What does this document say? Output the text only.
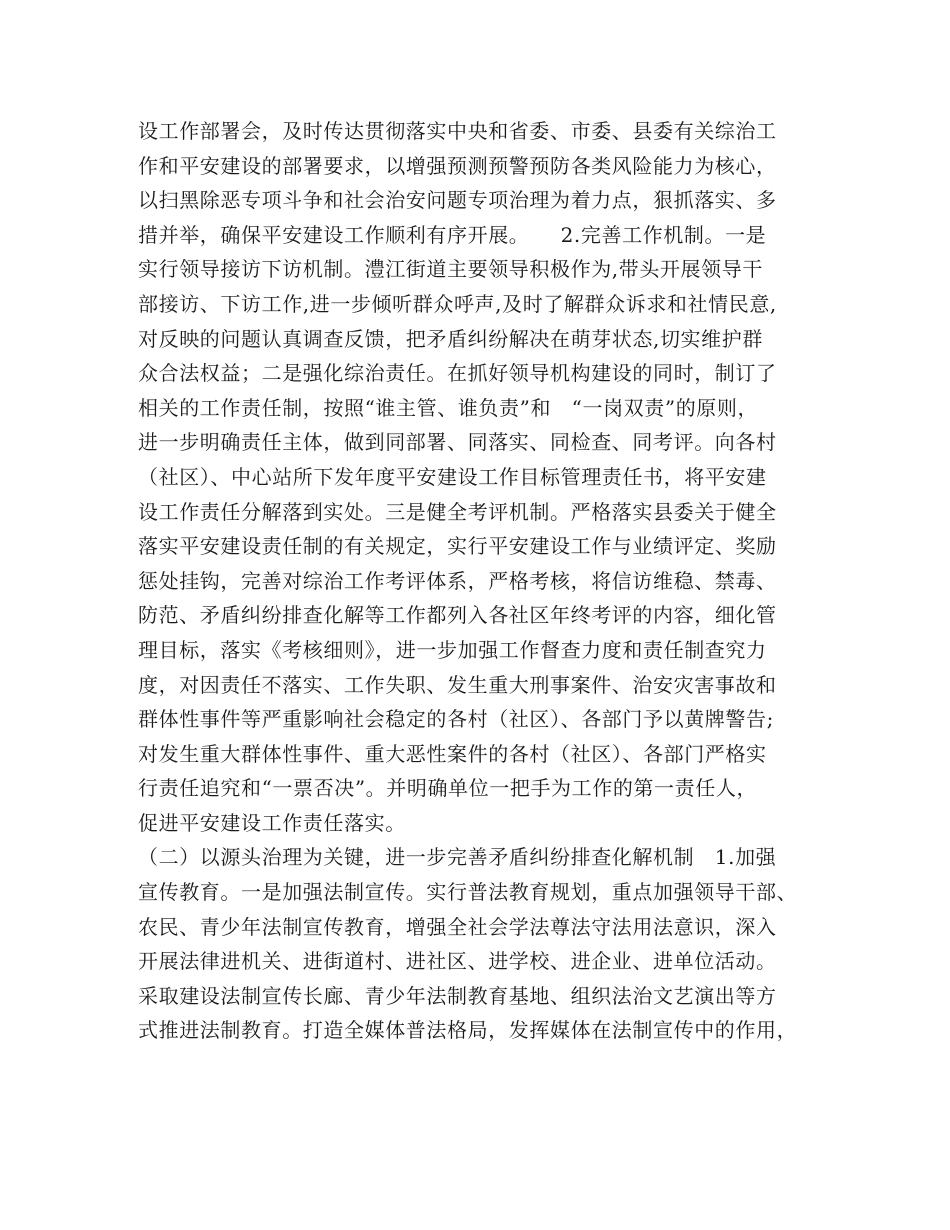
设工作部署会，及时传达贯彻落实中央和省委、市委、县委有关综治工
作和平安建设的部署要求，以增强预测预警预防各类风险能力为核心，
以扫黑除恶专项斗争和社会治安问题专项治理为着力点，狠抓落实、多
措并举，确保平安建设工作顺利有序开展。　　2.完善工作机制。一是
实行领导接访下访机制。澧江街道主要领导积极作为,带头开展领导干
部接访、下访工作,进一步倾听群众呼声,及时了解群众诉求和社情民意,
对反映的问题认真调查反馈，把矛盾纠纷解决在萌芽状态,切实维护群
众合法权益；二是强化综治责任。在抓好领导机构建设的同时，制订了
相关的工作责任制，按照“谁主管、谁负责”和　“一岗双责”的原则，
进一步明确责任主体，做到同部署、同落实、同检查、同考评。向各村
（社区）、中心站所下发年度平安建设工作目标管理责任书，将平安建
设工作责任分解落到实处。三是健全考评机制。严格落实县委关于健全
落实平安建设责任制的有关规定，实行平安建设工作与业绩评定、奖励
惩处挂钩，完善对综治工作考评体系，严格考核，将信访维稳、禁毒、
防范、矛盾纠纷排查化解等工作都列入各社区年终考评的内容，细化管
理目标，落实《考核细则》，进一步加强工作督查力度和责任制查究力
度，对因责任不落实、工作失职、发生重大刑事案件、治安灾害事故和
群体性事件等严重影响社会稳定的各村（社区）、各部门予以黄牌警告;
对发生重大群体性事件、重大恶性案件的各村（社区）、各部门严格实
行责任追究和“一票否决”。并明确单位一把手为工作的第一责任人，
促进平安建设工作责任落实。
（二）以源头治理为关键，进一步完善矛盾纠纷排查化解机制　1.加强
宣传教育。一是加强法制宣传。实行普法教育规划，重点加强领导干部、
农民、青少年法制宣传教育，增强全社会学法尊法守法用法意识，深入
开展法律进机关、进街道村、进社区、进学校、进企业、进单位活动。
采取建设法制宣传长廊、青少年法制教育基地、组织法治文艺演出等方
式推进法制教育。打造全媒体普法格局，发挥媒体在法制宣传中的作用，
